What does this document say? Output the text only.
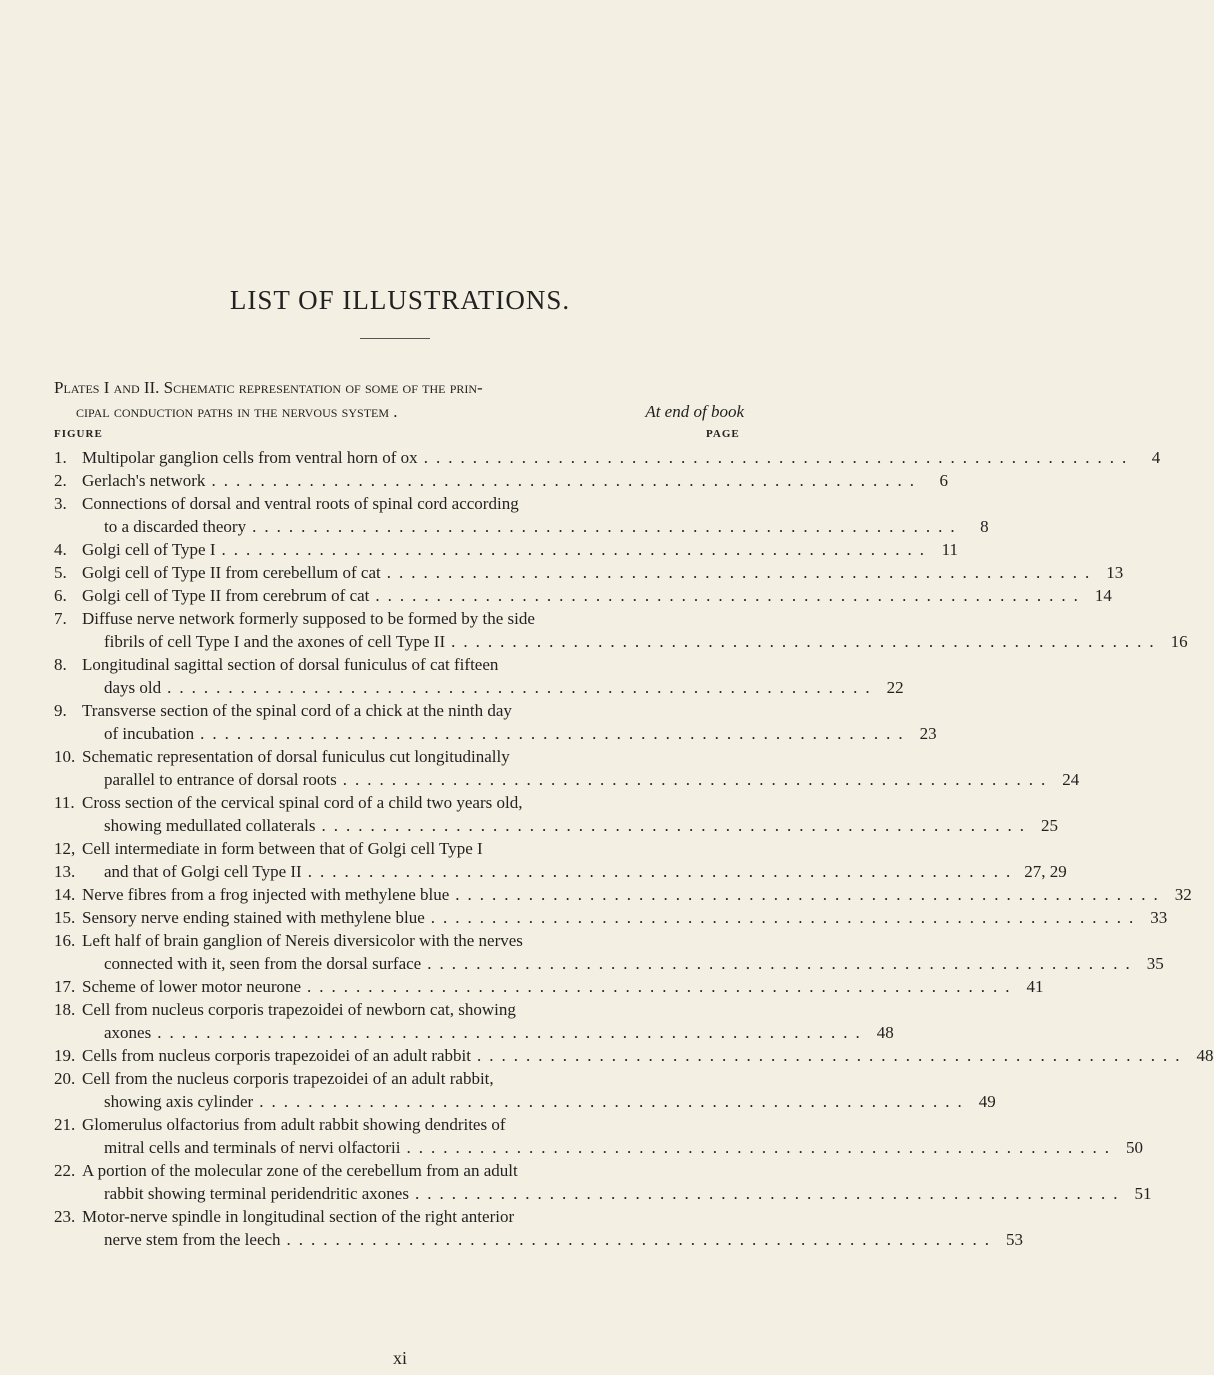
LIST OF ILLUSTRATIONS.
Plates I and II. Schematic representation of some of the prin-
cipal conduction paths in the nervous system .	At end of book
FIGURE	PAGE
1. Multipolar ganglion cells from ventral horn of ox ..........................................................	4
2. Gerlach's network ..........................................................	6
3. Connections of dorsal and ventral roots of spinal cord according
to a discarded theory ..........................................................	8
4. Golgi cell of Type I .......................................................... 11
5. Golgi cell of Type II from cerebellum of cat .......................................................... 13
6. Golgi cell of Type II from cerebrum of cat .......................................................... 14
7. Diffuse nerve network formerly supposed to be formed by the side
fibrils of cell Type I and the axones of cell Type II .......................................................... 16
8. Longitudinal sagittal section of dorsal funiculus of cat fifteen
days old .......................................................... 22
9. Transverse section of the spinal cord of a chick at the ninth day
of incubation .......................................................... 23
10. Schematic representation of dorsal funiculus cut longitudinally
parallel to entrance of dorsal roots .......................................................... 24
11. Cross section of the cervical spinal cord of a child two years old,
showing medullated collaterals .......................................................... 25
12, 13.
Cell intermediate in form between that of Golgi cell Type I
and that of Golgi cell Type II .......................................................... 27, 29
14. Nerve fibres from a frog injected with methylene blue .......................................................... 32
15. Sensory nerve ending stained with methylene blue .......................................................... 33
16. Left half of brain ganglion of Nereis diversicolor with the nerves
connected with it, seen from the dorsal surface .......................................................... 35
17. Scheme of lower motor neurone .......................................................... 41
18. Cell from nucleus corporis trapezoidei of newborn cat, showing
axones .......................................................... 48
19. Cells from nucleus corporis trapezoidei of an adult rabbit .......................................................... 48
20. Cell from the nucleus corporis trapezoidei of an adult rabbit,
showing axis cylinder .......................................................... 49
21. Glomerulus olfactorius from adult rabbit showing dendrites of
mitral cells and terminals of nervi olfactorii .......................................................... 50
22. A portion of the molecular zone of the cerebellum from an adult
rabbit showing terminal peridendritic axones .......................................................... 51
23. Motor-nerve spindle in longitudinal section of the right anterior
nerve stem from the leech .......................................................... 53
xi
